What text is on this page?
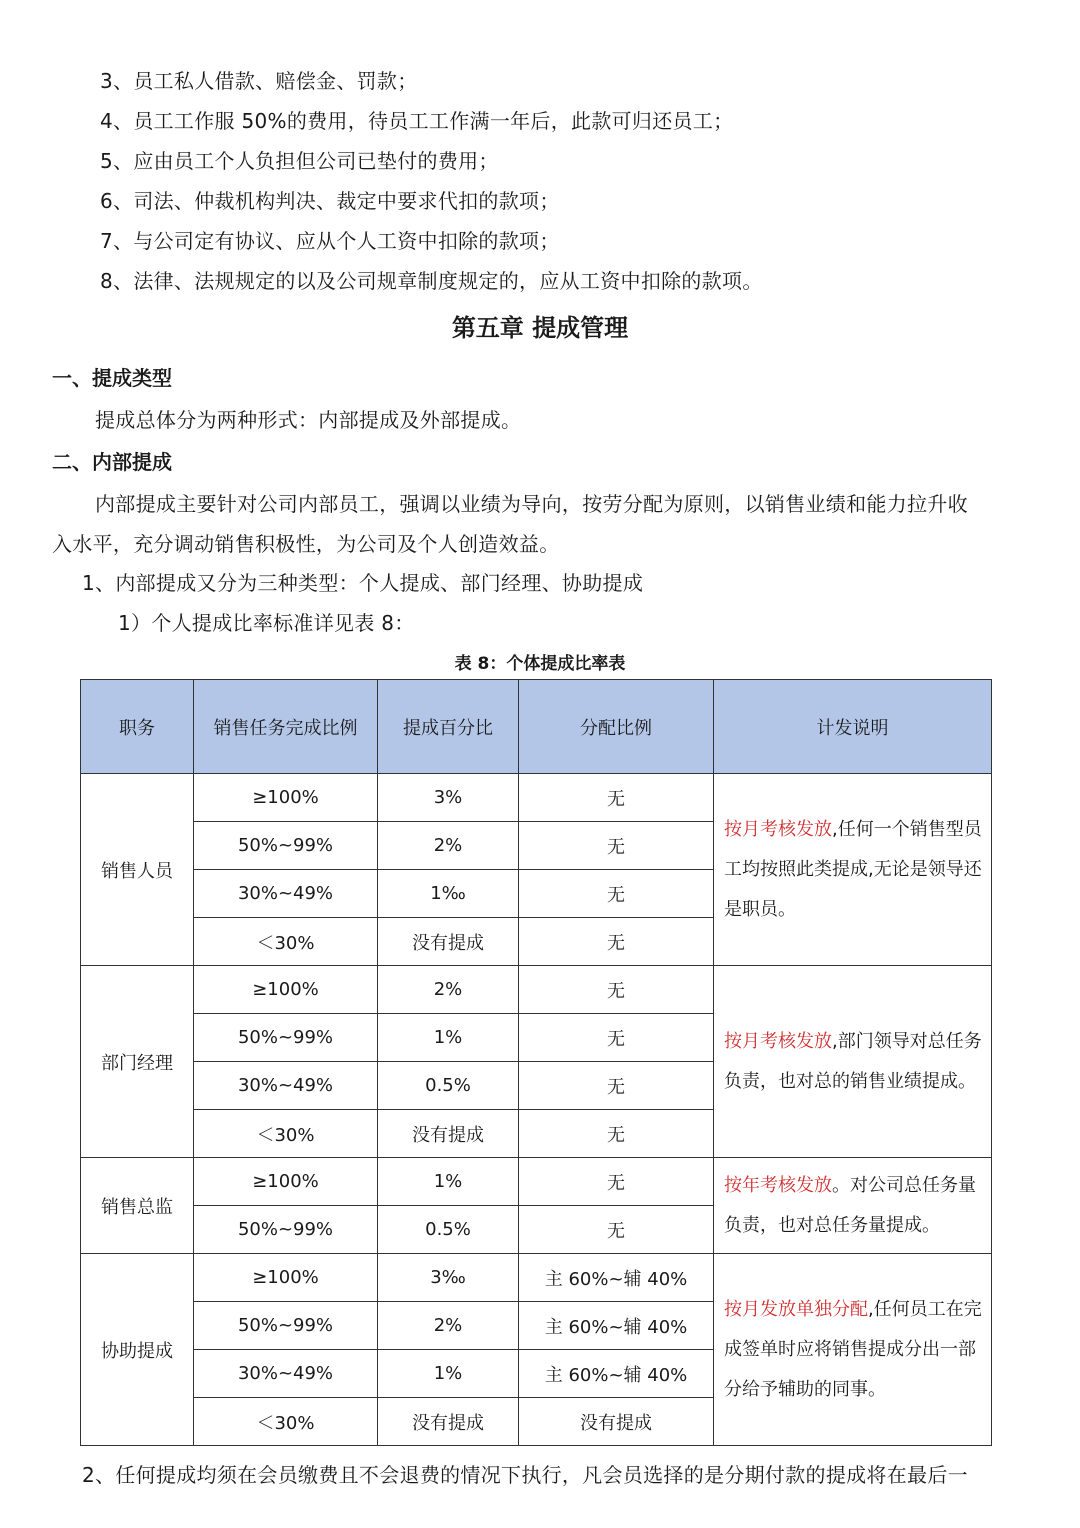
3、员工私人借款、赔偿金、罚款；
4、员工工作服 50%的费用，待员工工作满一年后，此款可归还员工；
5、应由员工个人负担但公司已垫付的费用；
6、司法、仲裁机构判决、裁定中要求代扣的款项；
7、与公司定有协议、应从个人工资中扣除的款项；
8、法律、法规规定的以及公司规章制度规定的，应从工资中扣除的款项。
第五章 提成管理
一、提成类型
提成总体分为两种形式：内部提成及外部提成。
二、内部提成
内部提成主要针对公司内部员工，强调以业绩为导向，按劳分配为原则，以销售业绩和能力拉升收
入水平，充分调动销售积极性，为公司及个人创造效益。
1、内部提成又分为三种类型：个人提成、部门经理、协助提成
1）个人提成比率标准详见表 8：
表 8：个体提成比率表
职务	销售任务完成比例	提成百分比	分配比例	计发说明
销售人员	≥100%	3%	无	按月考核发放,任何一个销售型员工均按照此类提成,无论是领导还是职员。
	50%~99%	2%	无	
	30%~49%	1‰	无	
	＜30%	没有提成	无	
部门经理	≥100%	2%	无	按月考核发放,部门领导对总任务负责，也对总的销售业绩提成。
	50%~99%	1%	无	
	30%~49%	0.5%	无	
	＜30%	没有提成	无	
销售总监	≥100%	1%	无	按年考核发放。对公司总任务量负责，也对总任务量提成。
	50%~99%	0.5%	无	
协助提成	≥100%	3‰	主 60%~辅 40%	按月发放单独分配,任何员工在完成签单时应将销售提成分出一部分给予辅助的同事。
	50%~99%	2%	主 60%~辅 40%	
	30%~49%	1%	主 60%~辅 40%	
	＜30%	没有提成	没有提成	
2、任何提成均须在会员缴费且不会退费的情况下执行，凡会员选择的是分期付款的提成将在最后一
